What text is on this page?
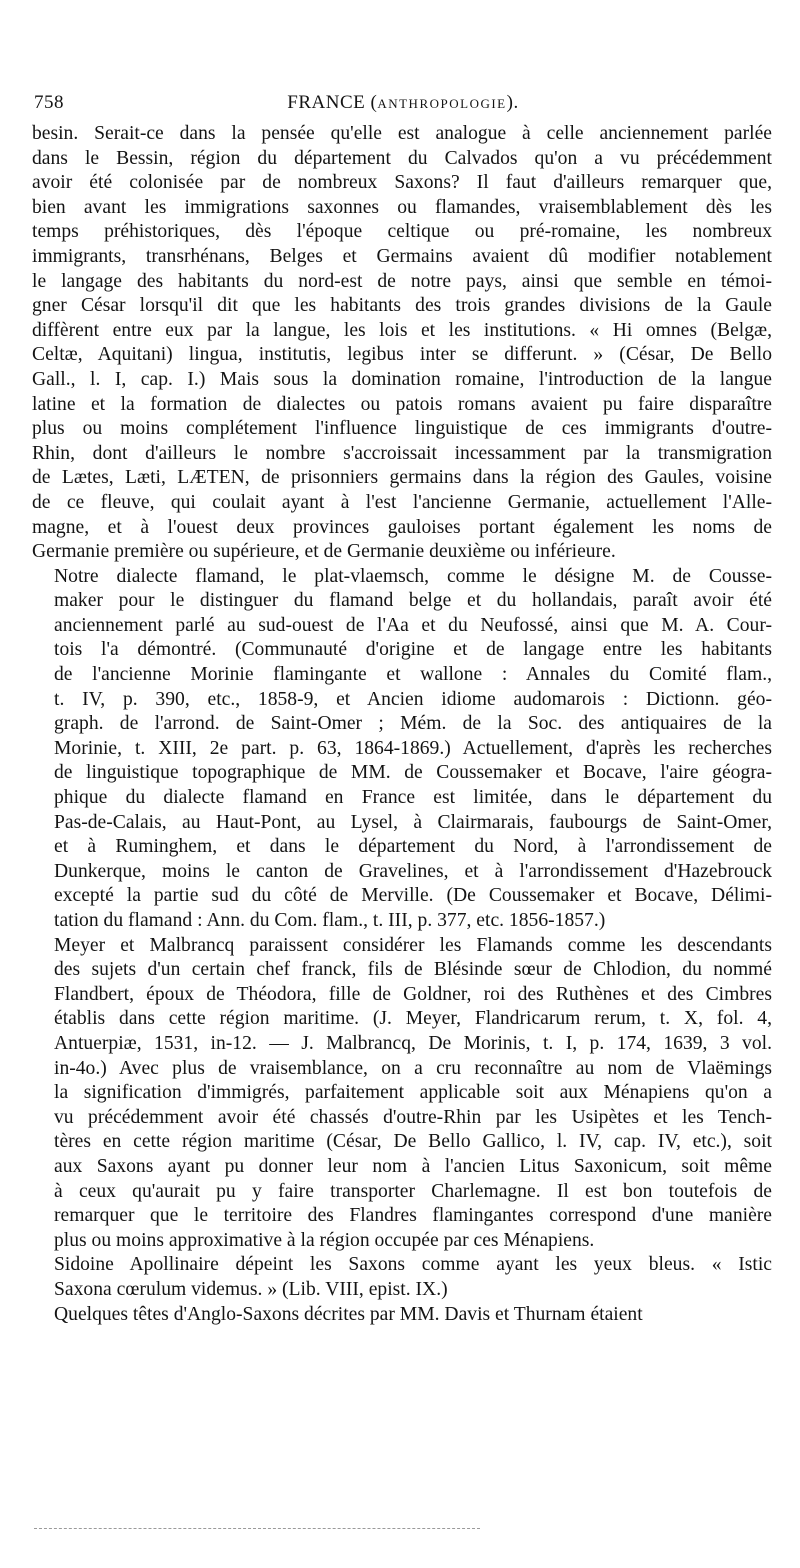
758	FRANCE (ANTHROPOLOGIE).

besin. Serait-ce dans la pensée qu'elle est analogue à celle anciennement parlée
dans le Bessin, région du département du Calvados qu'on a vu précédemment
avoir été colonisée par de nombreux Saxons? Il faut d'ailleurs remarquer que,
bien avant les immigrations saxonnes ou flamandes, vraisemblablement dès les
temps préhistoriques, dès l'époque celtique ou pré-romaine, les nombreux
immigrants, transrhénans, Belges et Germains avaient dû modifier notablement
le langage des habitants du nord-est de notre pays, ainsi que semble en témoi-
gner César lorsqu'il dit que les habitants des trois grandes divisions de la Gaule
diffèrent entre eux par la langue, les lois et les institutions. « Hi omnes (Belgæ,
Celtæ, Aquitani) lingua, institutis, legibus inter se differunt. » (César, De Bello
Gall., l. I, cap. I.) Mais sous la domination romaine, l'introduction de la langue
latine et la formation de dialectes ou patois romans avaient pu faire disparaître
plus ou moins complétement l'influence linguistique de ces immigrants d'outre-
Rhin, dont d'ailleurs le nombre s'accroissait incessamment par la transmigration
de Lætes, Læti, LÆTEN, de prisonniers germains dans la région des Gaules, voisine
de ce fleuve, qui coulait ayant à l'est l'ancienne Germanie, actuellement l'Alle-
magne, et à l'ouest deux provinces gauloises portant également les noms de
Germanie première ou supérieure, et de Germanie deuxième ou inférieure.

Notre dialecte flamand, le plat-vlaemsch, comme le désigne M. de Cousse-
maker pour le distinguer du flamand belge et du hollandais, paraît avoir été
anciennement parlé au sud-ouest de l'Aa et du Neufossé, ainsi que M. A. Cour-
tois l'a démontré. (Communauté d'origine et de langage entre les habitants
de l'ancienne Morinie flamingante et wallone : Annales du Comité flam.,
t. IV, p. 390, etc., 1858-9, et Ancien idiome audomarois : Dictionn. géo-
graph. de l'arrond. de Saint-Omer ; Mém. de la Soc. des antiquaires de la
Morinie, t. XIII, 2e part. p. 63, 1864-1869.) Actuellement, d'après les recherches
de linguistique topographique de MM. de Coussemaker et Bocave, l'aire géogra-
phique du dialecte flamand en France est limitée, dans le département du
Pas-de-Calais, au Haut-Pont, au Lysel, à Clairmarais, faubourgs de Saint-Omer,
et à Ruminghem, et dans le département du Nord, à l'arrondissement de
Dunkerque, moins le canton de Gravelines, et à l'arrondissement d'Hazebrouck
excepté la partie sud du côté de Merville. (De Coussemaker et Bocave, Délimi-
tation du flamand : Ann. du Com. flam., t. III, p. 377, etc. 1856-1857.)

Meyer et Malbrancq paraissent considérer les Flamands comme les descendants
des sujets d'un certain chef franck, fils de Blésinde sœur de Chlodion, du nommé
Flandbert, époux de Théodora, fille de Goldner, roi des Ruthènes et des Cimbres
établis dans cette région maritime. (J. Meyer, Flandricarum rerum, t. X, fol. 4,
Antuerpiæ, 1531, in-12. — J. Malbrancq, De Morinis, t. I, p. 174, 1639, 3 vol.
in-4o.) Avec plus de vraisemblance, on a cru reconnaître au nom de Vlaëmings
la signification d'immigrés, parfaitement applicable soit aux Ménapiens qu'on a
vu précédemment avoir été chassés d'outre-Rhin par les Usipètes et les Tench-
tères en cette région maritime (César, De Bello Gallico, l. IV, cap. IV, etc.), soit
aux Saxons ayant pu donner leur nom à l'ancien Litus Saxonicum, soit même
à ceux qu'aurait pu y faire transporter Charlemagne. Il est bon toutefois de
remarquer que le territoire des Flandres flamingantes correspond d'une manière
plus ou moins approximative à la région occupée par ces Ménapiens.

Sidoine Apollinaire dépeint les Saxons comme ayant les yeux bleus. « Istic
Saxona cœrulum videmus. » (Lib. VIII, epist. IX.)

Quelques têtes d'Anglo-Saxons décrites par MM. Davis et Thurnam étaient
